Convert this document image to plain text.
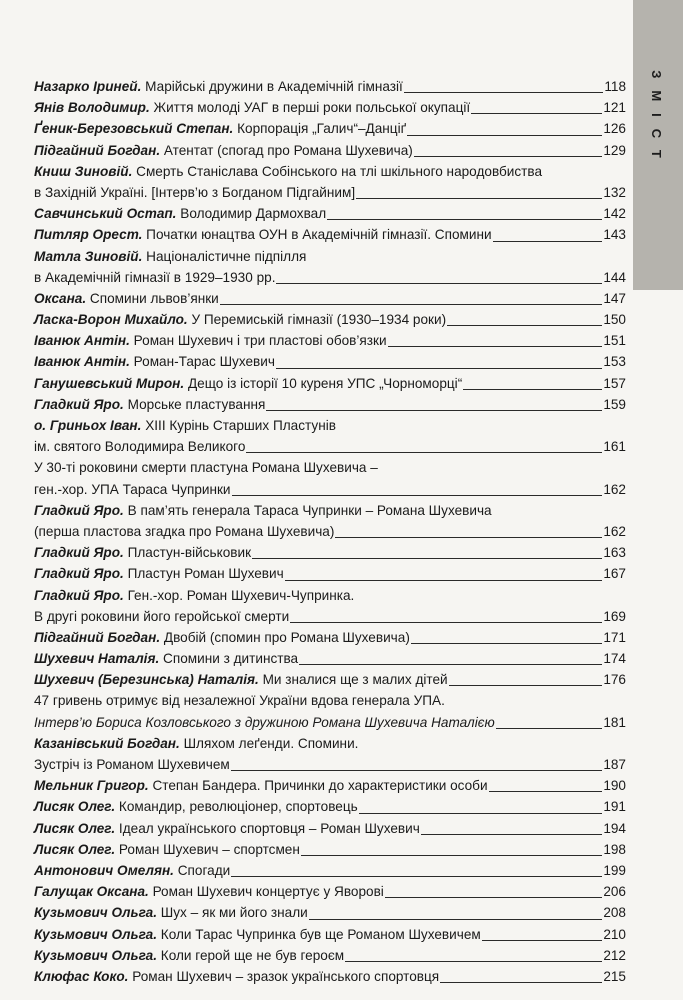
ЗМІСТ
Назарко Іриней.
Марійські дружини в Академічній гімназії	118
Янів Володимир.
Життя молоді УАГ в перші роки польської окупації	121
Ґеник-Березовський Степан.
Корпорація „Галич“–Данціґ	126
Підгайний Богдан.
Атентат (спогад про Романа Шухевича)	129
Книш Зиновій.
Смерть Станіслава Собінського на тлі шкільного народовбиства
в Західній Україні. [Інтерв’ю з Богданом Підгайним]	132
Савчинський Остап.
Володимир Дармохвал	142
Питляр Орест.
Початки юнацтва ОУН в Академічній гімназії. Спомини	143
Матла Зиновій.
Націоналістичне підпілля
в Академічній гімназії в 1929–1930 рр.	144
Оксана.
Спомини львов’янки	147
Ласка-Ворон Михайло.
У Перемиській гімназії (1930–1934 роки)	150
Іванюк Антін.
Роман Шухевич і три пластові обов’язки	151
Іванюк Антін.
Роман-Тарас Шухевич	153
Ганушевський Мирон.
Дещо із історії 10 куреня УПС „Чорноморці“	157
Гладкий Яро.
Морське пластування	159
о. Гриньох Іван.
XIII Курінь Старших Пластунів
ім. святого Володимира Великого	161
У 30-ті роковини смерти пластуна Романа Шухевича –
ген.-хор. УПА Тараса Чупринки	162
Гладкий Яро.
В пам’ять генерала Тараса Чупринки – Романа Шухевича
(перша пластова згадка про Романа Шухевича)	162
Гладкий Яро.
Пластун-військовик	163
Гладкий Яро.
Пластун Роман Шухевич	167
Гладкий Яро.
Ген.-хор. Роман Шухевич-Чупринка.
В другі роковини його геройської смерти	169
Підгайний Богдан.
Двобій (спомин про Романа Шухевича)	171
Шухевич Наталія.
Спомини з дитинства	174
Шухевич (Березинська) Наталія.
Ми зналися ще з малих дітей	176
47 гривень отримує від незалежної України вдова генерала УПА.
Інтерв’ю Бориса Козловського з дружиною Романа Шухевича Наталією	181
Казанівський Богдан.
Шляхом леґенди. Спомини.
Зустріч із Романом Шухевичем	187
Мельник Григор.
Степан Бандера. Причинки до характеристики особи	190
Лисяк Олег.
Командир, революціонер, спортовець	191
Лисяк Олег.
Ідеал українського спортовця – Роман Шухевич	194
Лисяк Олег.
Роман Шухевич – спортсмен	198
Антонович Омелян.
Спогади	199
Галущак Оксана.
Роман Шухевич концертує у Яворові	206
Кузьмович Ольга.
Шух – як ми його знали	208
Кузьмович Ольга.
Коли Тарас Чупринка був ще Романом Шухевичем	210
Кузьмович Ольга.
Коли герой ще не був героєм	212
Клюфас Коко.
Роман Шухевич – зразок українського спортовця	215
